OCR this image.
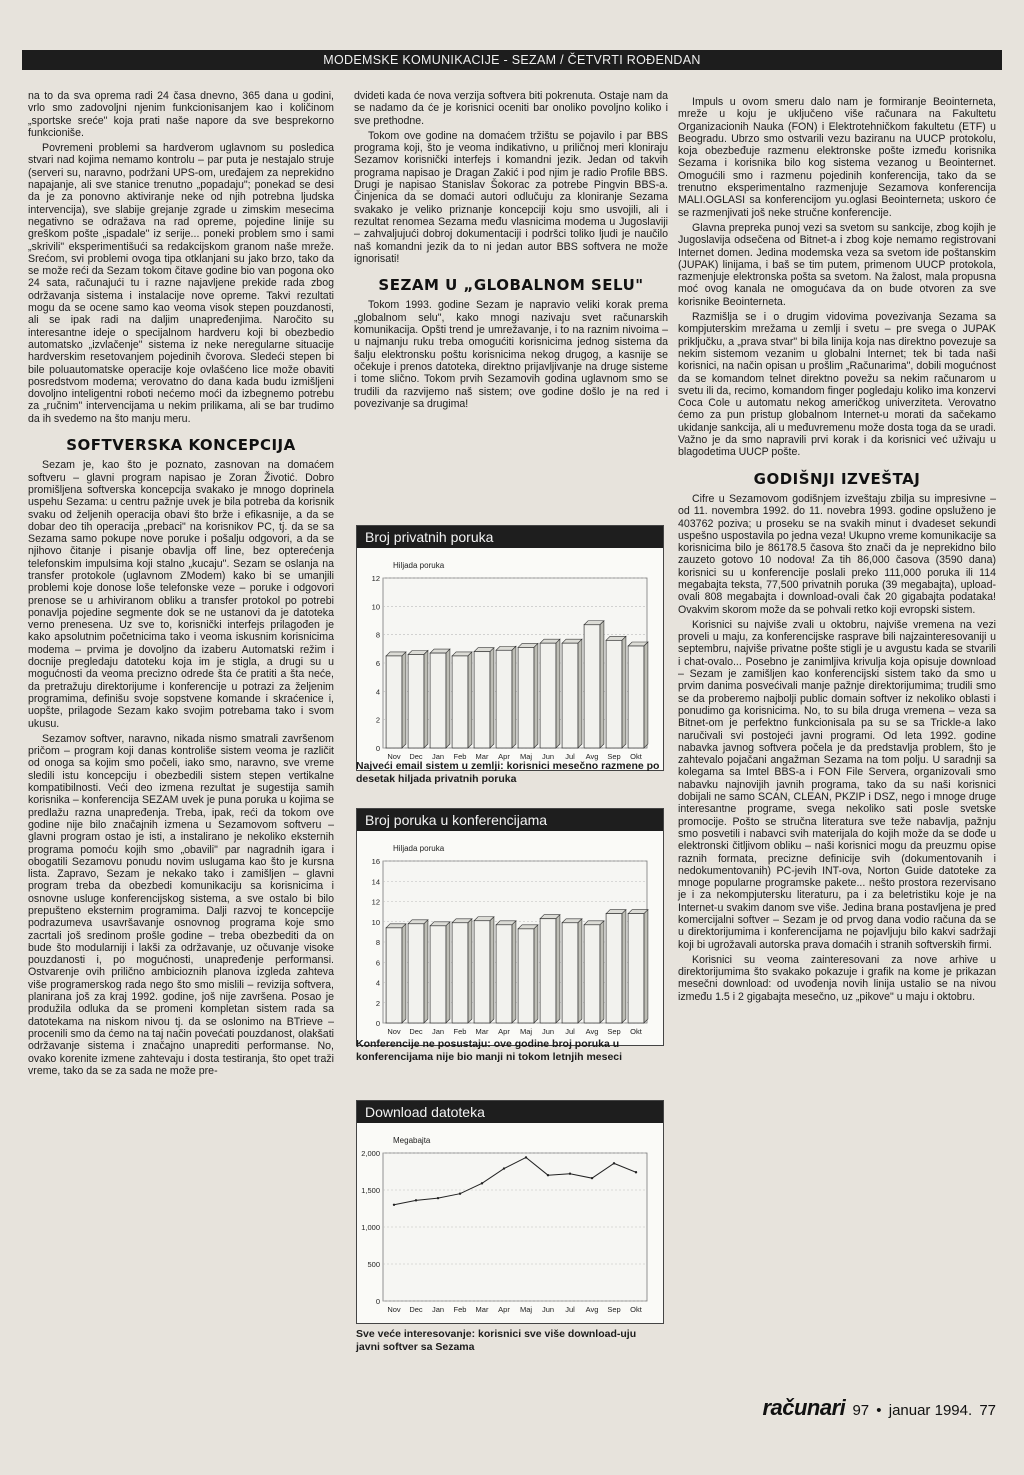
MODEMSKE KOMUNIKACIJE - SEZAM / ČETVRTI ROĐENDAN

na to da sva oprema radi 24 časa dnevno, 365 dana u godini, vrlo smo zadovoljni njenim funkcionisanjem kao i količinom „sportske sreće" koja prati naše napore da sve besprekorno funkcioniše.

Povremeni problemi sa hardverom uglavnom su posledica stvari nad kojima nemamo kontrolu – par puta je nestajalo struje (serveri su, naravno, podržani UPS-om, uređajem za neprekidno napajanje, ali sve stanice trenutno „popadaju"; ponekad se desi da je za ponovno aktiviranje neke od njih potrebna ljudska intervencija), sve slabije grejanje zgrade u zimskim mesecima negativno se odražava na rad opreme, pojedine linije su greškom pošte „ispadale" iz serije... poneki problem smo i sami „skrivili" eksperimentišući sa redakcijskom granom naše mreže. Srećom, svi problemi ovoga tipa otklanjani su jako brzo, tako da se može reći da Sezam tokom čitave godine bio van pogona oko 24 sata, računajući tu i razne najavljene prekide rada zbog održavanja sistema i instalacije nove opreme. Takvi rezultati mogu da se ocene samo kao veoma visok stepen pouzdanosti, ali se ipak radi na daljim unapređenjima. Naročito su interesantne ideje o specijalnom hardveru koji bi obezbedio automatsko „izvlačenje" sistema iz neke neregularne situacije hardverskim resetovanjem pojedinih čvorova. Sledeći stepen bi bile poluautomatske operacije koje ovlašćeno lice može obaviti posredstvom modema; verovatno do dana kada budu izmišljeni dovoljno inteligentni roboti nećemo moći da izbegnemo potrebu za „ručnim" intervencijama u nekim prilikama, ali se bar trudimo da ih svedemo na što manju meru.

SOFTVERSKA KONCEPCIJA

Sezam je, kao što je poznato, zasnovan na domaćem softveru – glavni program napisao je Zoran Životić. Dobro promišljena softverska koncepcija svakako je mnogo doprinela uspehu Sezama: u centru pažnje uvek je bila potreba da korisnik svaku od željenih operacija obavi što brže i efikasnije, a da se dobar deo tih operacija „prebaci" na korisnikov PC, tj. da se sa Sezama samo pokupe nove poruke i pošalju odgovori, a da se njihovo čitanje i pisanje obavlja off line, bez opterećenja telefonskim impulsima koji stalno „kucaju". Sezam se oslanja na transfer protokole (uglavnom ZModem) kako bi se umanjili problemi koje donose loše telefonske veze – poruke i odgovori prenose se u arhiviranom obliku a transfer protokol po potrebi ponavlja pojedine segmente dok se ne ustanovi da je datoteka verno prenesena. Uz sve to, korisnički interfejs prilagođen je kako apsolutnim početnicima tako i veoma iskusnim korisnicima modema – prvima je dovoljno da izaberu Automatski režim i docnije pregledaju datoteku koja im je stigla, a drugi su u mogućnosti da veoma precizno odrede šta će pratiti a šta neće, da pretražuju direktorijume i konferencije u potrazi za željenim programima, definišu svoje sopstvene komande i skraćenice i, uopšte, prilagode Sezam kako svojim potrebama tako i svom ukusu.

Sezamov softver, naravno, nikada nismo smatrali završenom pričom – program koji danas kontroliše sistem veoma je različit od onoga sa kojim smo počeli, iako smo, naravno, sve vreme sledili istu koncepciju i obezbedili sistem stepen vertikalne kompatibilnosti. Veći deo izmena rezultat je sugestija samih korisnika – konferencija SEZAM uvek je puna poruka u kojima se predlažu razna unapređenja. Treba, ipak, reći da tokom ove godine nije bilo značajnih izmena u Sezamovom softveru – glavni program ostao je isti, a instalirano je nekoliko eksternih programa pomoću kojih smo „obavili" par nagradnih igara i obogatili Sezamovu ponudu novim uslugama kao što je kursna lista. Zapravo, Sezam je nekako tako i zamišljen – glavni program treba da obezbedi komunikaciju sa korisnicima i osnovne usluge konferencijskog sistema, a sve ostalo bi bilo prepušteno eksternim programima. Dalji razvoj te koncepcije podrazumeva usavršavanje osnovnog programa koje smo zacrtali još sredinom prošle godine – treba obezbediti da on bude što modularniji i lakši za održavanje, uz očuvanje visoke pouzdanosti i, po mogućnosti, unapređenje performansi. Ostvarenje ovih prilično ambicioznih planova izgleda zahteva više programerskog rada nego što smo mislili – revizija softvera, planirana još za kraj 1992. godine, još nije završena. Posao je produžila odluka da se promeni kompletan sistem rada sa datotekama na niskom nivou tj. da se oslonimo na BTrieve – procenili smo da ćemo na taj način povećati pouzdanost, olakšati održavanje sistema i značajno unaprediti performanse. No, ovako korenite izmene zahtevaju i dosta testiranja, što opet traži vreme, tako da se za sada ne može pre-

dvideti kada će nova verzija softvera biti pokrenuta. Ostaje nam da se nadamo da će je korisnici oceniti bar onoliko povoljno koliko i sve prethodne.

Tokom ove godine na domaćem tržištu se pojavilo i par BBS programa koji, što je veoma indikativno, u priličnoj meri kloniraju Sezamov korisnički interfejs i komandni jezik. Jedan od takvih programa napisao je Dragan Zakić i pod njim je radio Profile BBS. Drugi je napisao Stanislav Šokorac za potrebe Pingvin BBS-a. Činjenica da se domaći autori odlučuju za kloniranje Sezama svakako je veliko priznanje koncepciji koju smo usvojili, ali i rezultat renomea Sezama među vlasnicima modema u Jugoslaviji – zahvaljujući dobroj dokumentaciji i podršci toliko ljudi je naučilo naš komandni jezik da to ni jedan autor BBS softvera ne može ignorisati!

SEZAM U „GLOBALNOM SELU"

Tokom 1993. godine Sezam je napravio veliki korak prema „globalnom selu", kako mnogi nazivaju svet računarskih komunikacija. Opšti trend je umrežavanje, i to na raznim nivoima – u najmanju ruku treba omogućiti korisnicima jednog sistema da šalju elektronsku poštu korisnicima nekog drugog, a kasnije se očekuje i prenos datoteka, direktno prijavljivanje na druge sisteme i tome slično. Tokom prvih Sezamovih godina uglavnom smo se trudili da razvijemo naš sistem; ove godine došlo je na red i povezivanje sa drugima!

Impuls u ovom smeru dalo nam je formiranje Beointerneta, mreže u koju je uključeno više računara na Fakultetu Organizacionih Nauka (FON) i Elektrotehničkom fakultetu (ETF) u Beogradu. Ubrzo smo ostvarili vezu baziranu na UUCP protokolu, koja obezbeđuje razmenu elektronske pošte između korisnika Sezama i korisnika bilo kog sistema vezanog u Beointernet. Omogućili smo i razmenu pojedinih konferencija, tako da se trenutno eksperimentalno razmenjuje Sezamova konferencija MALI.OGLASI sa konferencijom yu.oglasi Beointerneta; uskoro će se razmenjivati još neke stručne konferencije.

Glavna prepreka punoj vezi sa svetom su sankcije, zbog kojih je Jugoslavija odsečena od Bitnet-a i zbog koje nemamo registrovani Internet domen. Jedina modemska veza sa svetom ide poštanskim (JUPAK) linijama, i baš se tim putem, primenom UUCP protokola, razmenjuje elektronska pošta sa svetom. Na žalost, mala propusna moć ovog kanala ne omogućava da on bude otvoren za sve korisnike Beointerneta.

Razmišlja se i o drugim vidovima povezivanja Sezama sa kompjuterskim mrežama u zemlji i svetu – pre svega o JUPAK priključku, a „prava stvar" bi bila linija koja nas direktno povezuje sa nekim sistemom vezanim u globalni Internet; tek bi tada naši korisnici, na način opisan u prošlim „Računarima", dobili mogućnost da se komandom telnet direktno povežu sa nekim računarom u svetu ili da, recimo, komandom finger pogledaju koliko ima konzervi Coca Cole u automatu nekog američkog univerziteta. Verovatno ćemo za pun pristup globalnom Internet-u morati da sačekamo ukidanje sankcija, ali u međuvremenu može dosta toga da se uradi. Važno je da smo napravili prvi korak i da korisnici već uživaju u blagodetima UUCP pošte.

GODIŠNJI IZVEŠTAJ

Cifre u Sezamovom godišnjem izveštaju zbilja su impresivne – od 11. novembra 1992. do 11. novebra 1993. godine opsluženo je 403762 poziva; u proseku se na svakih minut i dvadeset sekundi uspešno uspostavila po jedna veza! Ukupno vreme komunikacije sa korisnicima bilo je 86178.5 časova što znači da je neprekidno bilo zauzeto gotovo 10 nodova! Za tih 86,000 časova (3590 dana) korisnici su u konferencije poslali preko 111,000 poruka ili 114 megabajta teksta, 77,500 privatnih poruka (39 megabajta), upload-ovali 808 megabajta i download-ovali čak 20 gigabajta podataka! Ovakvim skorom može da se pohvali retko koji evropski sistem.

Korisnici su najviše zvali u oktobru, najviše vremena na vezi proveli u maju, za konferencijske rasprave bili najzainteresovaniji u septembru, najviše privatne pošte stigli je u avgustu kada se stvarili i chat-ovalo... Posebno je zanimljiva krivulja koja opisuje download – Sezam je zamišljen kao konferencijski sistem tako da smo u prvim danima posvećivali manje pažnje direktorijumima; trudili smo se da proberemo najbolji public domain softver iz nekoliko oblasti i ponudimo ga korisnicima. No, to su bila druga vremena – veza sa Bitnet-om je perfektno funkcionisala pa su se sa Trickle-a lako naručivali svi postojeći javni programi. Od leta 1992. godine nabavka javnog softvera počela je da predstavlja problem, što je zahtevalo pojačani angažman Sezama na tom polju. U saradnji sa kolegama sa Imtel BBS-a i FON File Servera, organizovali smo nabavku najnovijih javnih programa, tako da su naši korisnici dobijali ne samo SCAN, CLEAN, PKZIP i DSZ, nego i mnoge druge interesantne programe, svega nekoliko sati posle svetske promocije. Pošto se stručna literatura sve teže nabavlja, pažnju smo posvetili i nabavci svih materijala do kojih može da se dođe u elektronski čitljivom obliku – naši korisnici mogu da preuzmu opise raznih formata, precizne definicije svih (dokumentovanih i nedokumentovanih) PC-jevih INT-ova, Norton Guide datoteke za mnoge popularne programske pakete... nešto prostora rezervisano je i za nekompjutersku literaturu, pa i za beletristiku koje je na Internet-u svakim danom sve više. Jedina brana postavljena je pred komercijalni softver – Sezam je od prvog dana vodio računa da se u direktorijumima i konferencijama ne pojavljuju bilo kakvi sadržaji koji bi ugrožavali autorska prava domaćih i stranih softverskih firmi.

Korisnici su veoma zainteresovani za nove arhive u direktorijumima što svakako pokazuje i grafik na kome je prikazan mesečni download: od uvođenja novih linija ustalio se na nivou između 1.5 i 2 gigabajta mesečno, uz „pikove" u maju i oktobru.

Broj privatnih poruka
Hiljada poruka
0
2
4
6
8
10
12
Nov Dec Jan Feb Mar Apr Maj Jun Jul Avg Sep Okt
Najveći email sistem u zemlji: korisnici mesečno razmene po desetak hiljada privatnih poruka
Broj poruka u konferencijama
Hiljada poruka
0
2
4
6
8
10
12
14
16
Nov Dec Jan Feb Mar Apr Maj Jun Jul Avg Sep Okt
Konferencije ne posustaju: ove godine broj poruka u konferencijama nije bio manji ni tokom letnjih meseci
Download datoteka
Megabajta
0
500
1,000
1,500
2,000
Nov Dec Jan Feb Mar Apr Maj Jun Jul Avg Sep Okt
Sve veće interesovanje: korisnici sve više download-uju javni softver sa Sezama
računari 97 • januar 1994. 77
